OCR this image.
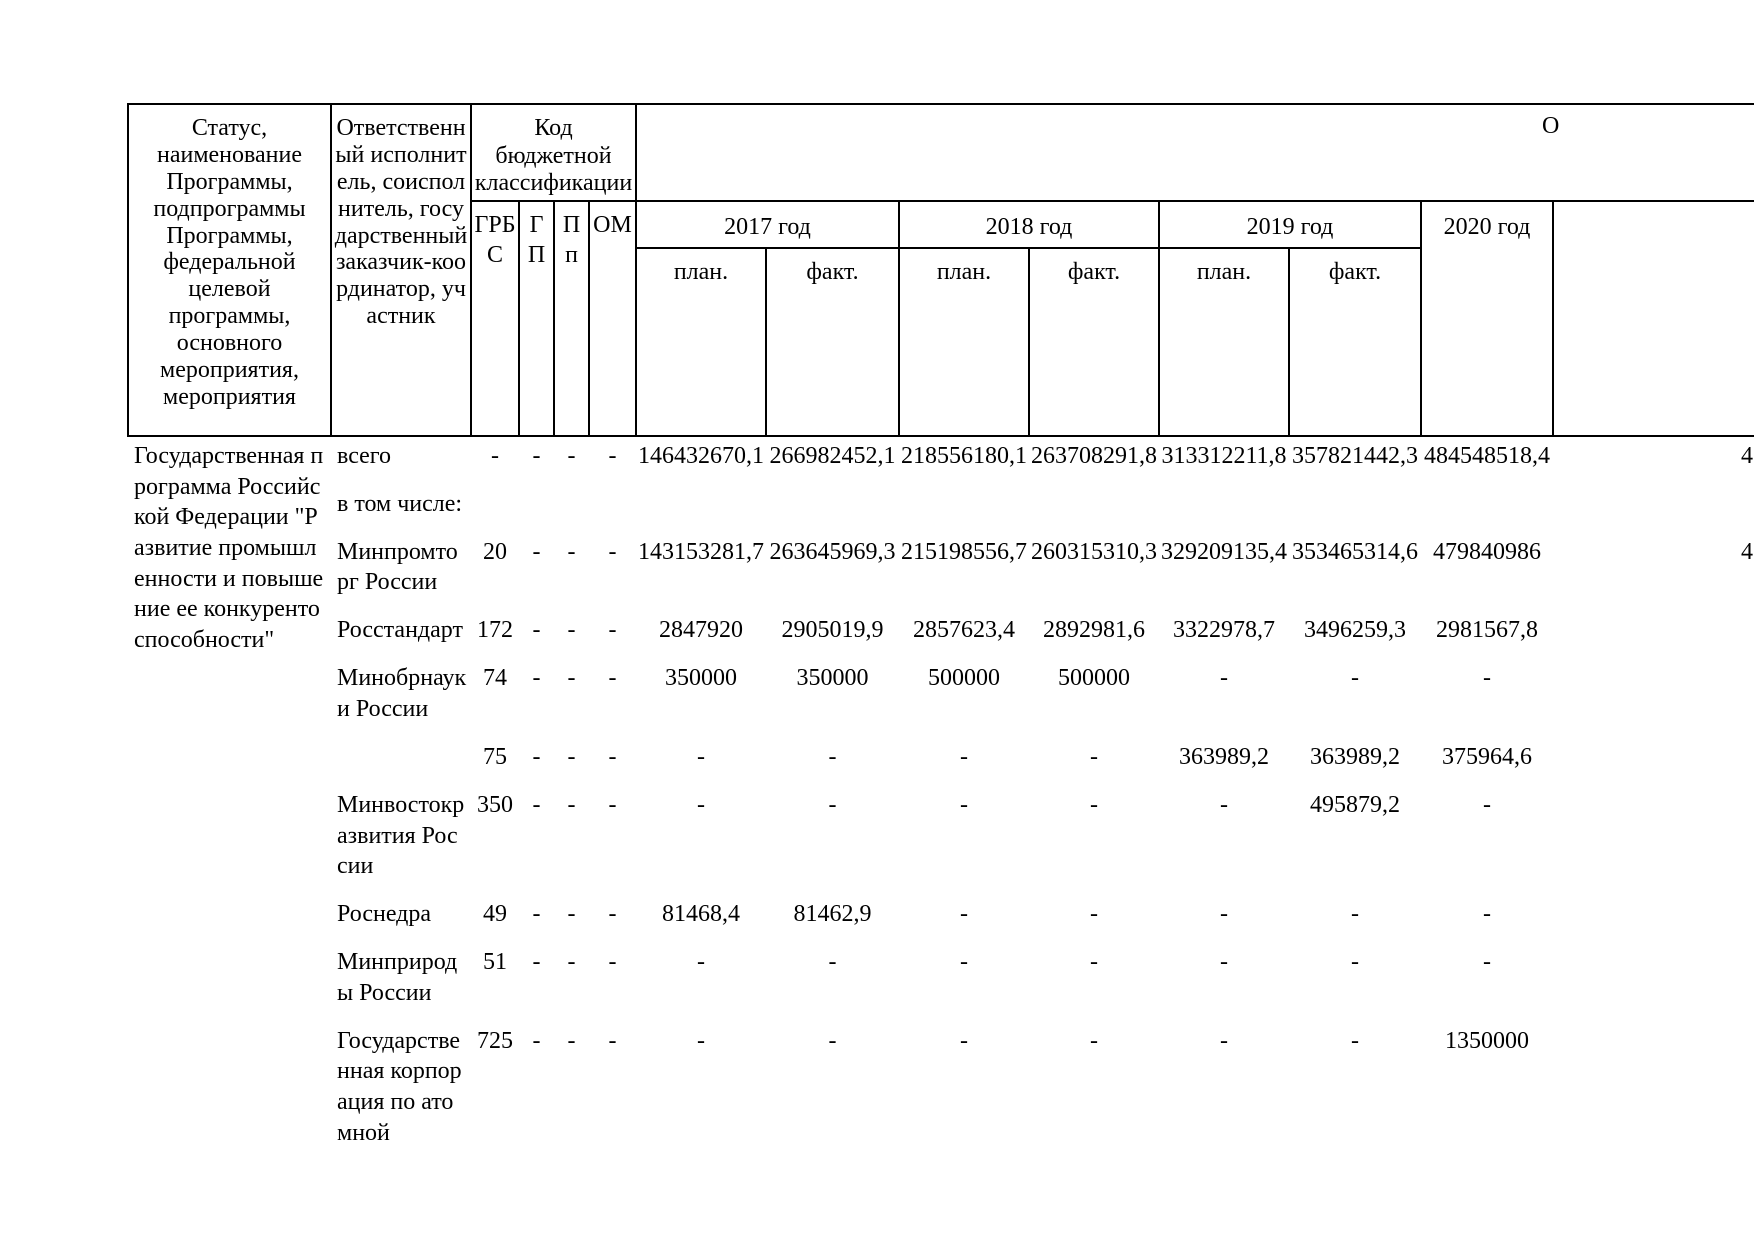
Статус, наименование Программы, подпрограммы Программы, федеральной целевой программы, основного мероприятия, мероприятия	Ответственный исполнитель, соисполнитель, государственный заказчик-координатор, участник	Код бюджетной классификации				О							
		ГРБС	ГП	Пп	ОМ	2017 год		2018 год		2019 год		2020 год	
						план.	факт.	план.	факт.	план.	факт.		
Государственная программа Российской Федерации "Развитие промышленности и повышение ее конкурентоспособности"	всего	-	-	-	-	146432670,1	266982452,1	218556180,1	263708291,8	313312211,8	357821442,3	484548518,4	4
	в том числе:												
	Минпромторг России	20	-	-	-	143153281,7	263645969,3	215198556,7	260315310,3	329209135,4	353465314,6	479840986	4
	Росстандарт	172	-	-	-	2847920	2905019,9	2857623,4	2892981,6	3322978,7	3496259,3	2981567,8	
	Минобрнауки России	74	-	-	-	350000	350000	500000	500000	-	-	-	
		75	-	-	-	-	-	-	-	363989,2	363989,2	375964,6	
	Минвостокразвития России	350	-	-	-	-	-	-	-	-	495879,2	-	
	Роснедра	49	-	-	-	81468,4	81462,9	-	-	-	-	-	
	Минприроды России	51	-	-	-	-	-	-	-	-	-	-	
	Государственная корпорация по атомной	725	-	-	-	-	-	-	-	-	-	1350000	
